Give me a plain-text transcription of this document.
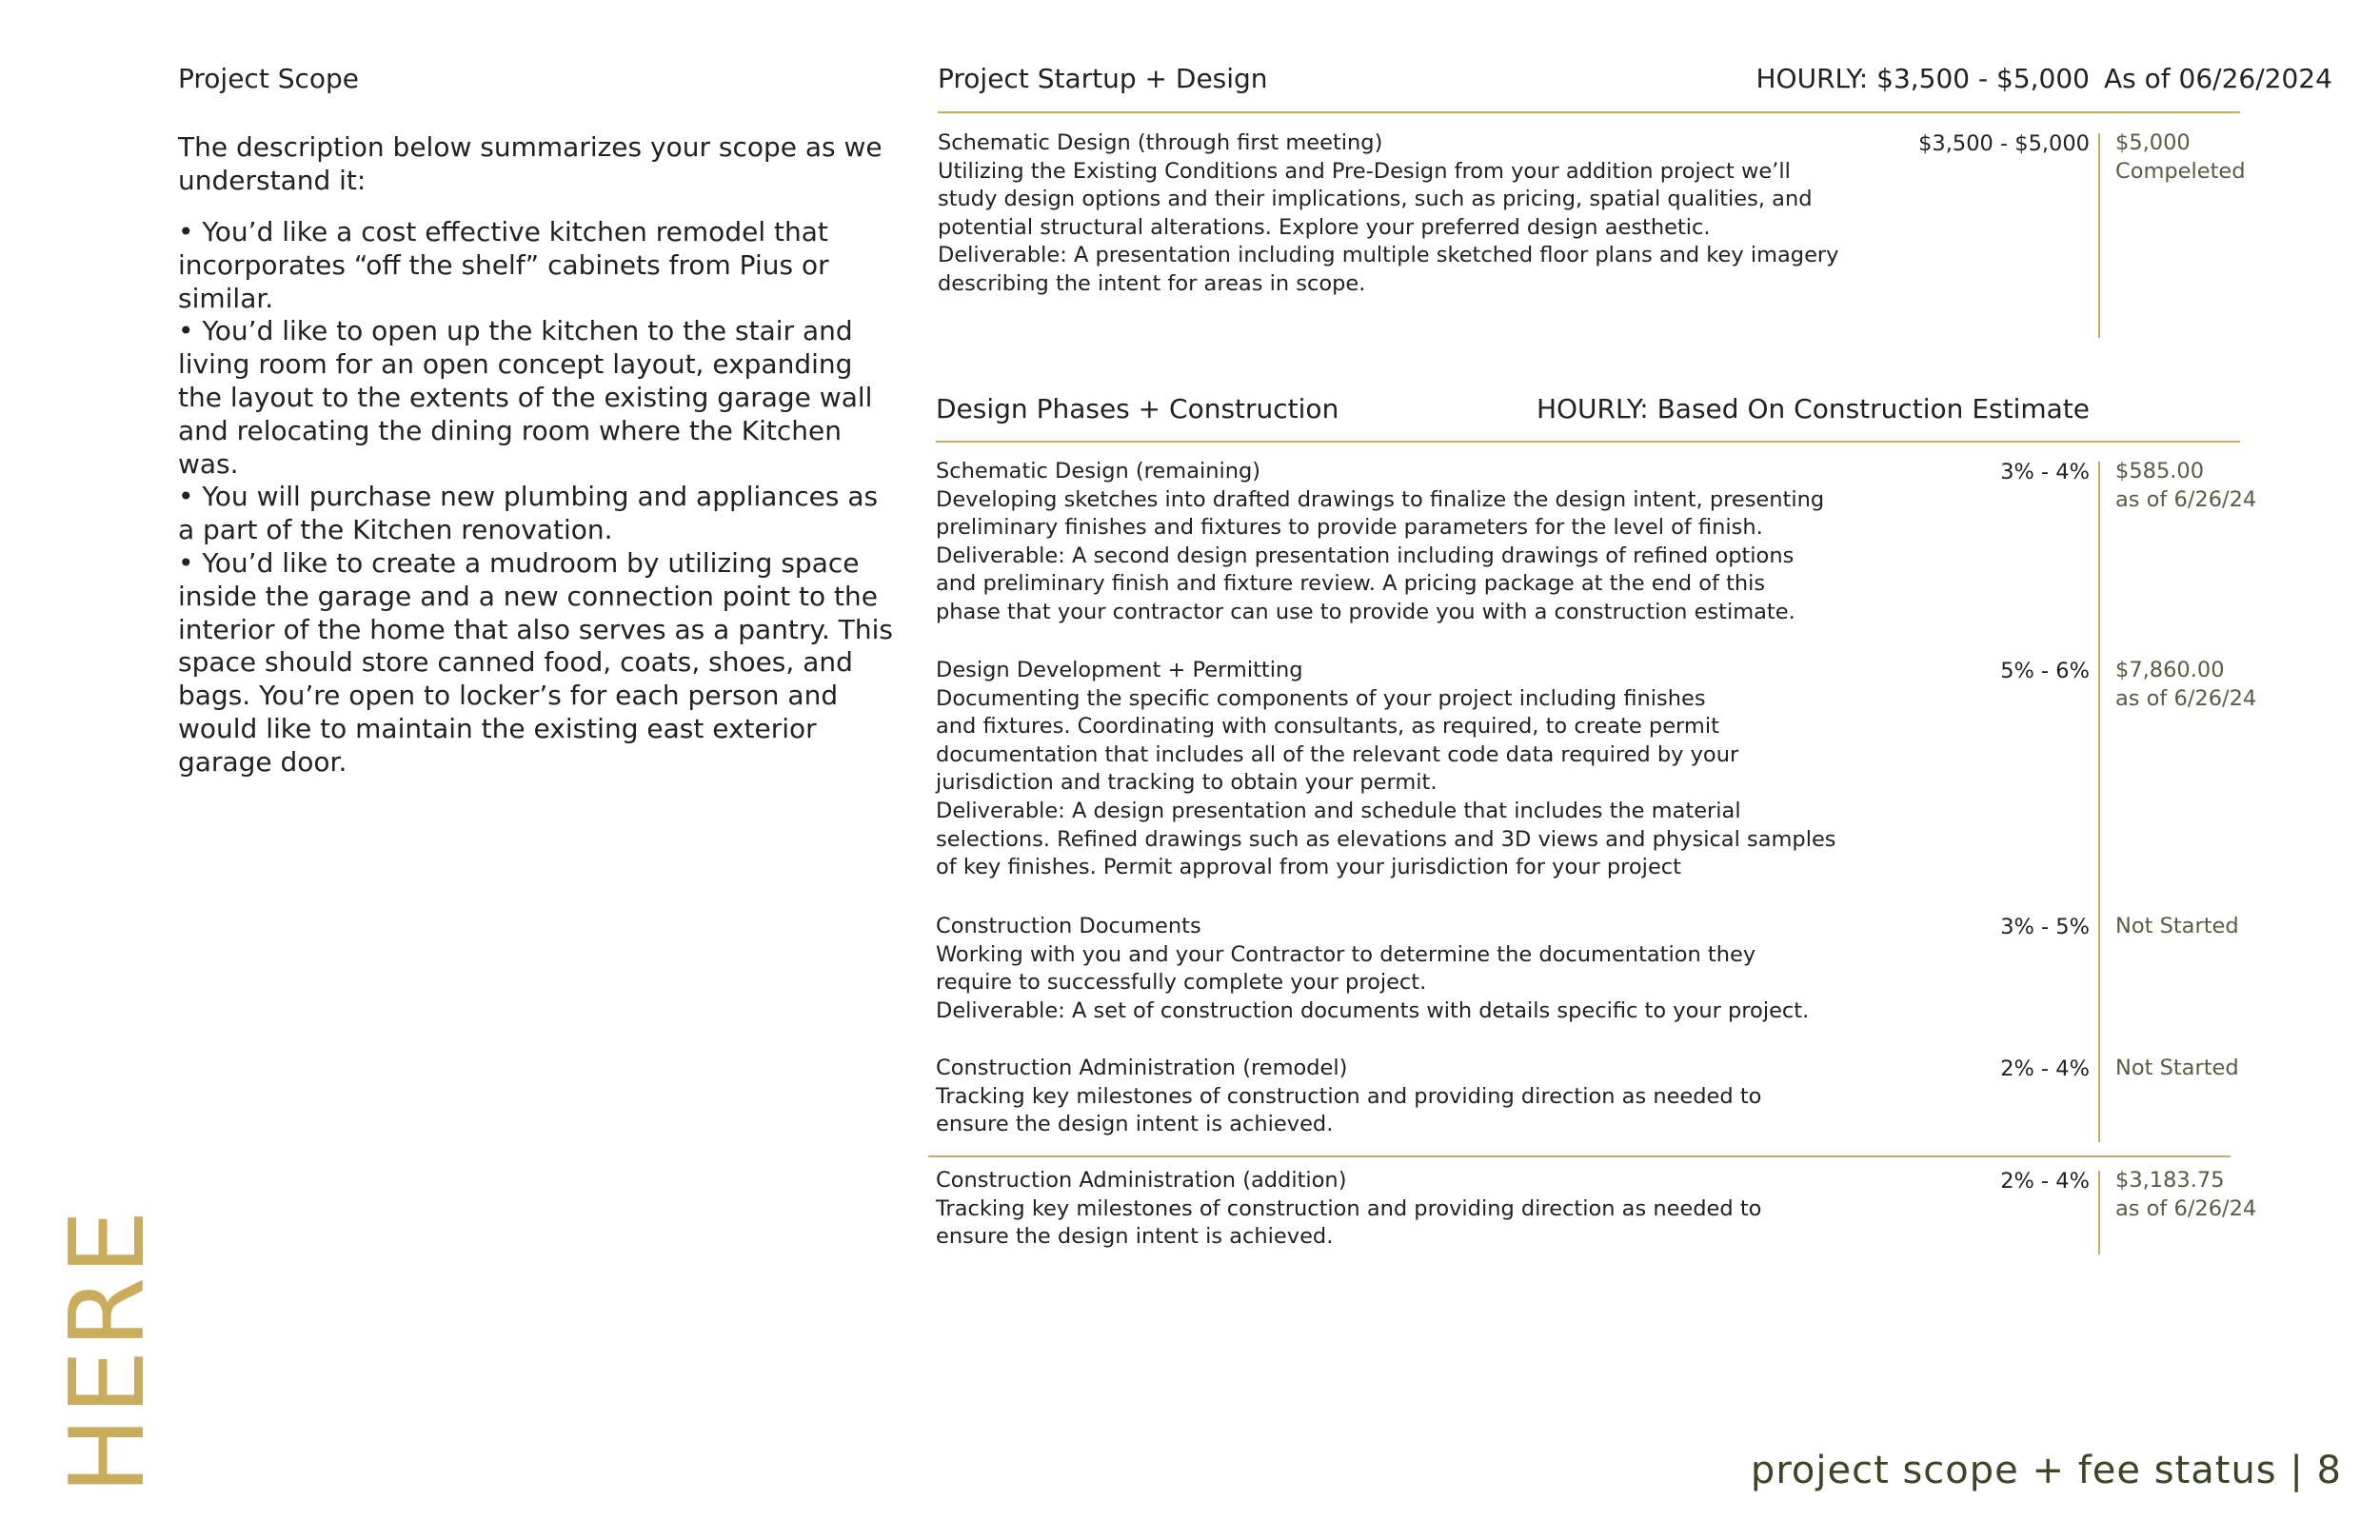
Project Scope
The description below summarizes your scope as we understand it:
• You’d like a cost effective kitchen remodel that incorporates “off the shelf” cabinets from Pius or similar.
• You’d like to open up the kitchen to the stair and living room for an open concept layout, expanding the layout to the extents of the existing garage wall and relocating the dining room where the Kitchen was.
• You will purchase new plumbing and appliances as a part of the Kitchen renovation.
• You’d like to create a mudroom by utilizing space inside the garage and a new connection point to the interior of the home that also serves as a pantry. This space should store canned food, coats, shoes, and bags. You’re open to locker’s for each person and would like to maintain the existing east exterior garage door.
Project Startup + Design	HOURLY: $3,500 - $5,000 As of 06/26/2024
Schematic Design (through first meeting)
Utilizing the Existing Conditions and Pre-Design from your addition project we’ll
study design options and their implications, such as pricing, spatial qualities, and
potential structural alterations. Explore your preferred design aesthetic.
Deliverable: A presentation including multiple sketched floor plans and key imagery
describing the intent for areas in scope.
$3,500 - $5,000 $5,000
Compeleted
Design Phases + Construction	HOURLY: Based On Construction Estimate
Schematic Design (remaining)
Developing sketches into drafted drawings to finalize the design intent, presenting
preliminary finishes and fixtures to provide parameters for the level of finish.
Deliverable: A second design presentation including drawings of refined options
and preliminary finish and fixture review. A pricing package at the end of this
phase that your contractor can use to provide you with a construction estimate.
3% - 4% $585.00
as of 6/26/24
Design Development + Permitting
Documenting the specific components of your project including finishes
and fixtures. Coordinating with consultants, as required, to create permit
documentation that includes all of the relevant code data required by your
jurisdiction and tracking to obtain your permit.
Deliverable: A design presentation and schedule that includes the material
selections. Refined drawings such as elevations and 3D views and physical samples
of key finishes. Permit approval from your jurisdiction for your project
5% - 6% $7,860.00
as of 6/26/24
Construction Documents
Working with you and your Contractor to determine the documentation they
require to successfully complete your project.
Deliverable: A set of construction documents with details specific to your project.
3% - 5% Not Started
Construction Administration (remodel)
Tracking key milestones of construction and providing direction as needed to
ensure the design intent is achieved.
2% - 4% Not Started
Construction Administration (addition)
Tracking key milestones of construction and providing direction as needed to
ensure the design intent is achieved.
2% - 4% $3,183.75
as of 6/26/24
HERE	project scope + fee status | 8
